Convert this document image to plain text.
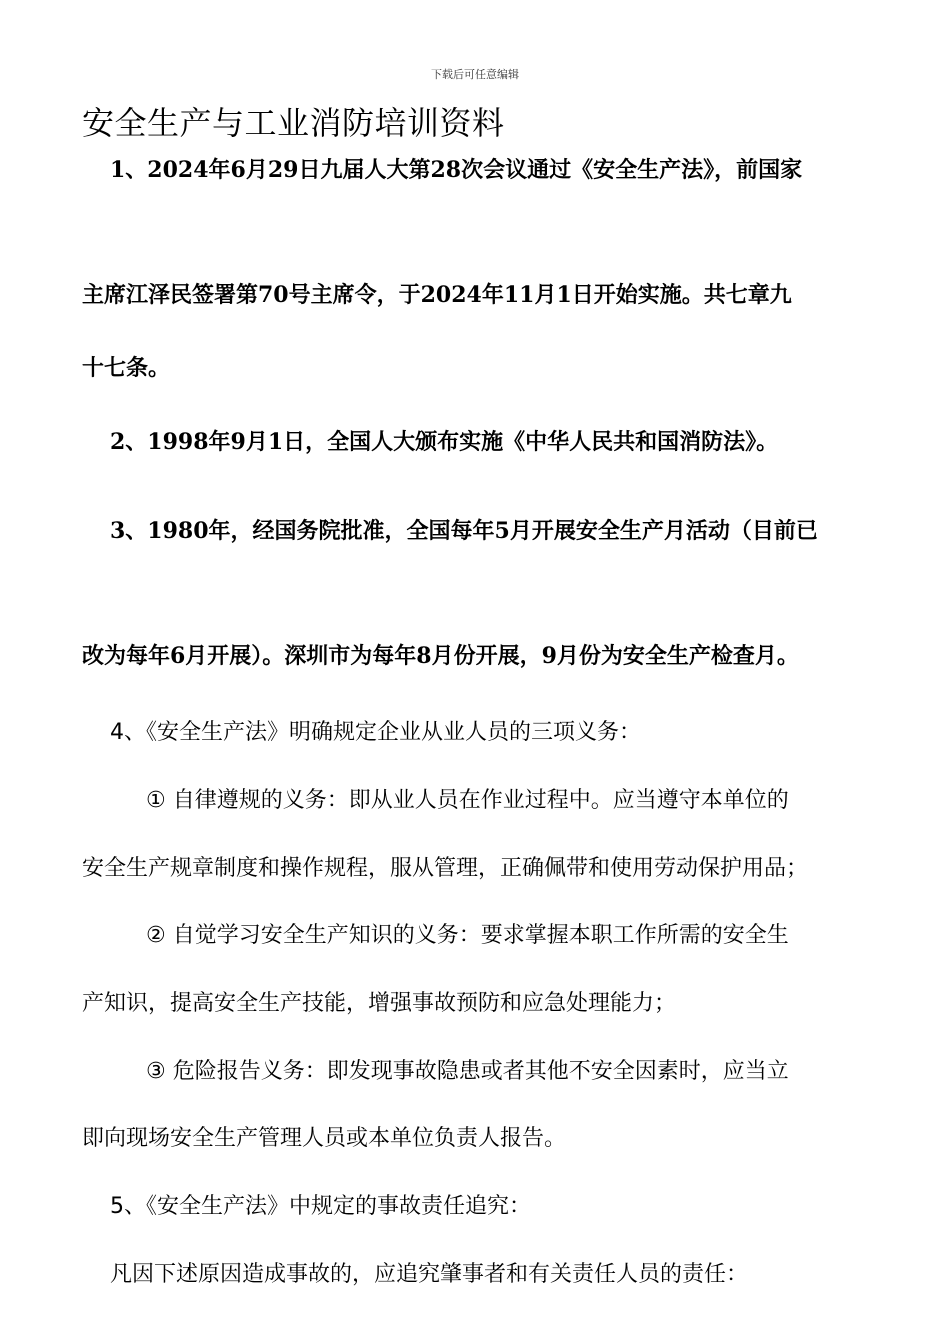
下载后可任意编辑
安全生产与工业消防培训资料
1、2024年6月29日九届人大第28次会议通过《安全生产法》，前国家
主席江泽民签署第70号主席令，于2024年11月1日开始实施。共七章九
十七条。
2、1998年9月1日，全国人大颁布实施《中华人民共和国消防法》。
3、1980年，经国务院批准，全国每年5月开展安全生产月活动（目前已
改为每年6月开展）。深圳市为每年8月份开展，9月份为安全生产检查月。
4、《安全生产法》明确规定企业从业人员的三项义务：
① 自律遵规的义务：即从业人员在作业过程中。应当遵守本单位的
安全生产规章制度和操作规程，服从管理，正确佩带和使用劳动保护用品；
② 自觉学习安全生产知识的义务：要求掌握本职工作所需的安全生
产知识，提高安全生产技能，增强事故预防和应急处理能力；
③ 危险报告义务：即发现事故隐患或者其他不安全因素时，应当立
即向现场安全生产管理人员或本单位负责人报告。
5、《安全生产法》中规定的事故责任追究：
凡因下述原因造成事故的，应追究肇事者和有关责任人员的责任：
